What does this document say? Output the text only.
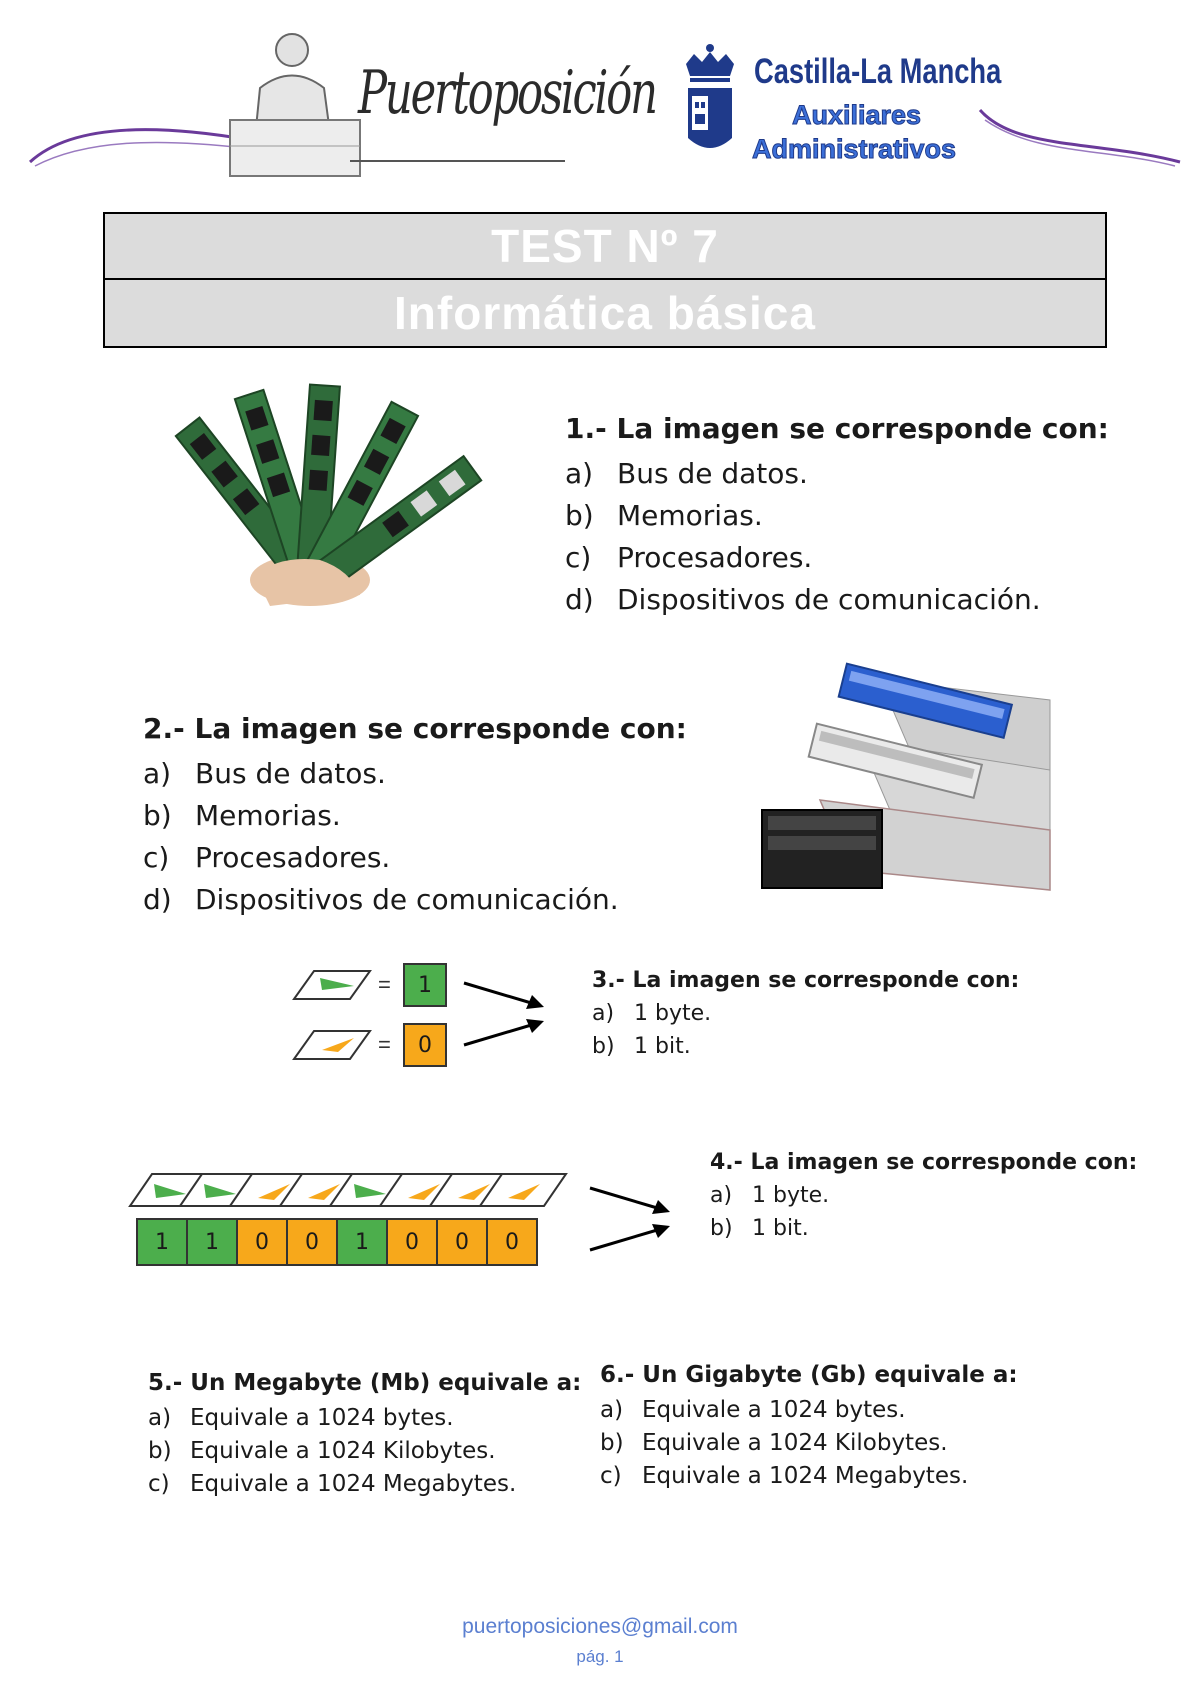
Puertoposición	Castilla-La Mancha
Auxiliares
Administrativos
TEST Nº 7
Informática básica
1.- La imagen se corresponde con:
a) Bus de datos.
b) Memorias.
c) Procesadores.
d) Dispositivos de comunicación.
2.- La imagen se corresponde con:
a) Bus de datos.
b) Memorias.
c) Procesadores.
d) Dispositivos de comunicación.
=	1
=	0
3.- La imagen se corresponde con:
a) 1 byte.
b) 1 bit.
1	1	0	0	1	0	0	0
4.- La imagen se corresponde con:
a) 1 byte.
b) 1 bit.
5.- Un Megabyte (Mb) equivale a:
a) Equivale a 1024 bytes.
b) Equivale a 1024 Kilobytes.
c) Equivale a 1024 Megabytes.
6.- Un Gigabyte (Gb) equivale a:
a) Equivale a 1024 bytes.
b) Equivale a 1024 Kilobytes.
c) Equivale a 1024 Megabytes.
puertoposiciones@gmail.com
pág. 1
